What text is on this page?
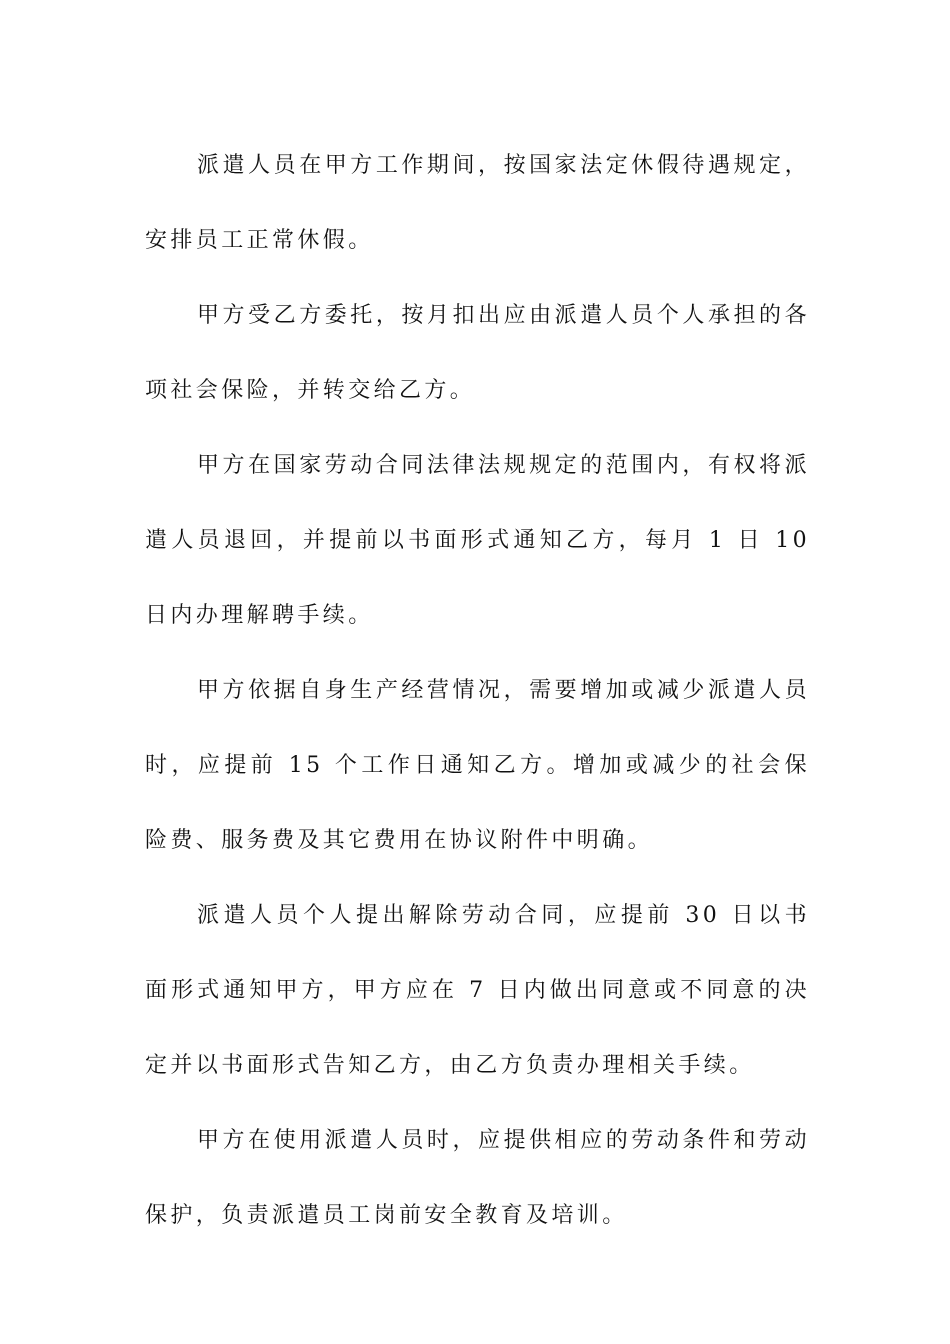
派遣人员在甲方工作期间，按国家法定休假待遇规定，安排员工正常休假。

甲方受乙方委托，按月扣出应由派遣人员个人承担的各项社会保险，并转交给乙方。

甲方在国家劳动合同法律法规规定的范围内，有权将派遣人员退回，并提前以书面形式通知乙方，每月 1 日 10 日内办理解聘手续。

甲方依据自身生产经营情况，需要增加或减少派遣人员时，应提前 15 个工作日通知乙方。增加或减少的社会保险费、服务费及其它费用在协议附件中明确。

派遣人员个人提出解除劳动合同，应提前 30 日以书面形式通知甲方，甲方应在 7 日内做出同意或不同意的决定并以书面形式告知乙方，由乙方负责办理相关手续。

甲方在使用派遣人员时，应提供相应的劳动条件和劳动保护，负责派遣员工岗前安全教育及培训。
